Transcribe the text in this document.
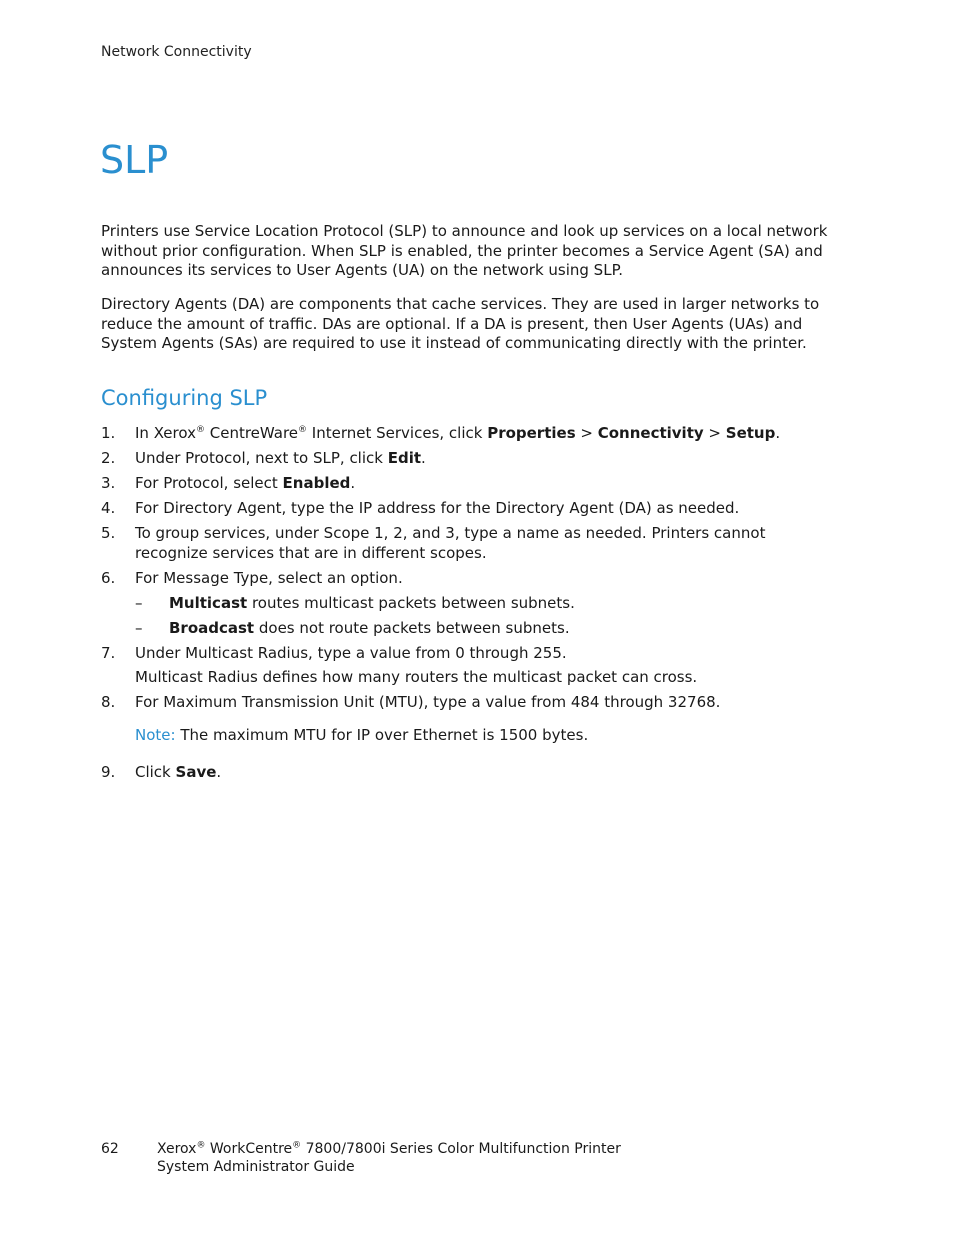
Network Connectivity
SLP

Printers use Service Location Protocol (SLP) to announce and look up services on a local network without prior configuration. When SLP is enabled, the printer becomes a Service Agent (SA) and announces its services to User Agents (UA) on the network using SLP.

Directory Agents (DA) are components that cache services. They are used in larger networks to reduce the amount of traffic. DAs are optional. If a DA is present, then User Agents (UAs) and System Agents (SAs) are required to use it instead of communicating directly with the printer.

Configuring SLP
1.	In Xerox® CentreWare® Internet Services, click Properties > Connectivity > Setup.
2.	Under Protocol, next to SLP, click Edit.
3.	For Protocol, select Enabled.
4.	For Directory Agent, type the IP address for the Directory Agent (DA) as needed.
5.	To group services, under Scope 1, 2, and 3, type a name as needed. Printers cannot recognize services that are in different scopes.
6.	For Message Type, select an option.
– Multicast routes multicast packets between subnets.
– Broadcast does not route packets between subnets.
7.	Under Multicast Radius, type a value from 0 through 255.
Multicast Radius defines how many routers the multicast packet can cross.
8.	For Maximum Transmission Unit (MTU), type a value from 484 through 32768.
Note: The maximum MTU for IP over Ethernet is 1500 bytes.
9.	Click Save.
62	Xerox® WorkCentre® 7800/7800i Series Color Multifunction Printer
System Administrator Guide
